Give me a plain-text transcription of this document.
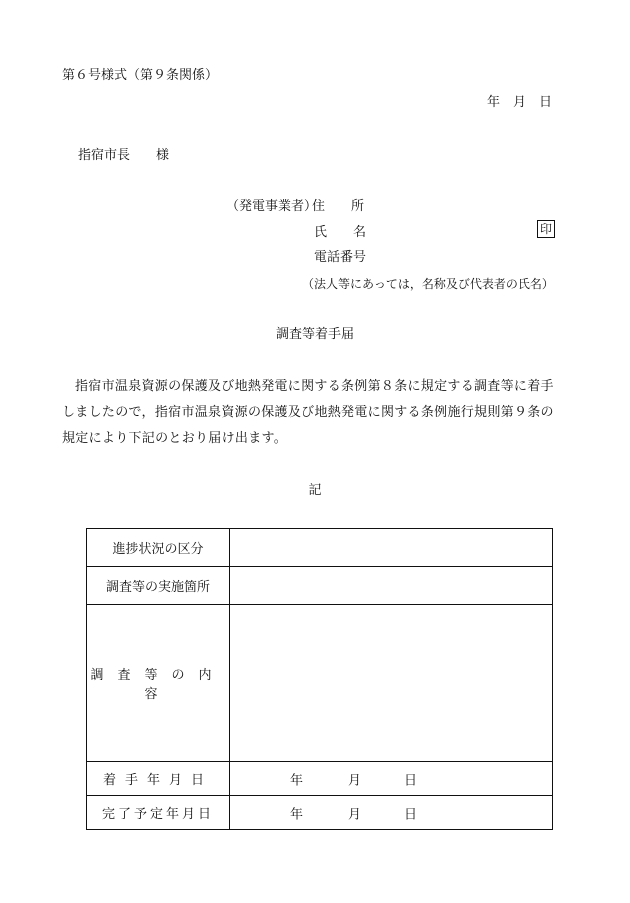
第６号様式（第９条関係）
年　月　日
指宿市長　　様
（発電事業者）
住　　所
氏　　名	印
電話番号
（法人等にあっては，名称及び代表者の氏名）
調査等着手届
指宿市温泉資源の保護及び地熱発電に関する条例第８条に規定する調査等に着手しましたので，指宿市温泉資源の保護及び地熱発電に関する条例施行規則第９条の規定により下記のとおり届け出ます。
記
進捗状況の区分	
調査等の実施箇所	
調査等の内容	
着手年月日	年 月 日

完了予定年月日	年 月 日
